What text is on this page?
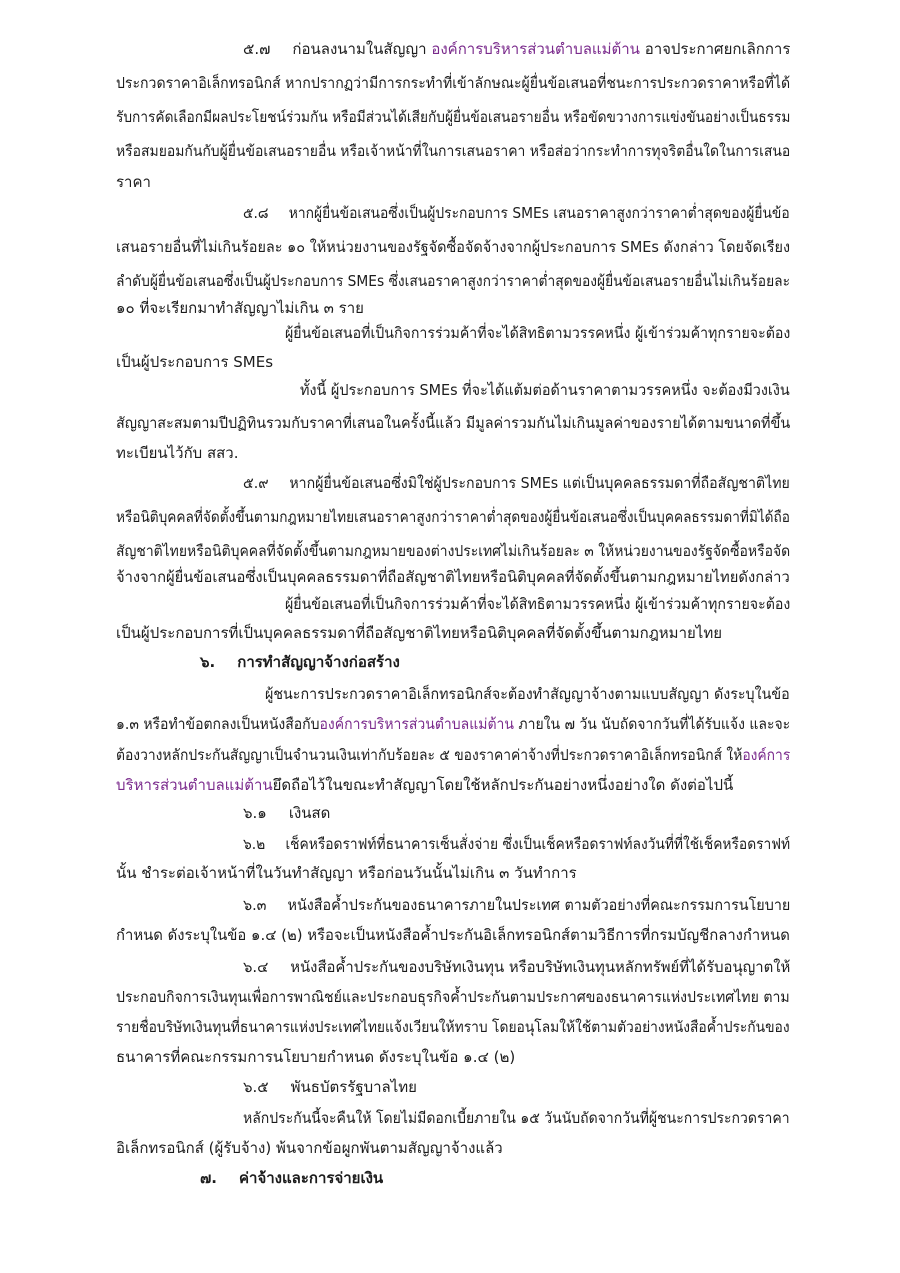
๕.๗ ก่อนลงนามในสัญญา องค์การบริหารส่วนตำบลแม่ต้าน อาจประกาศยกเลิกการ
ประกวดราคาอิเล็กทรอนิกส์ หากปรากฏว่ามีการกระทำที่เข้าลักษณะผู้ยื่นข้อเสนอที่ชนะการประกวดราคาหรือที่ได้
รับการคัดเลือกมีผลประโยชน์ร่วมกัน หรือมีส่วนได้เสียกับผู้ยื่นข้อเสนอรายอื่น หรือขัดขวางการแข่งขันอย่างเป็นธรรม
หรือสมยอมกันกับผู้ยื่นข้อเสนอรายอื่น หรือเจ้าหน้าที่ในการเสนอราคา หรือส่อว่ากระทำการทุจริตอื่นใดในการเสนอ
ราคา
๕.๘ หากผู้ยื่นข้อเสนอซึ่งเป็นผู้ประกอบการ SMEs เสนอราคาสูงกว่าราคาต่ำสุดของผู้ยื่นข้อ
เสนอรายอื่นที่ไม่เกินร้อยละ ๑๐ ให้หน่วยงานของรัฐจัดซื้อจัดจ้างจากผู้ประกอบการ SMEs ดังกล่าว โดยจัดเรียง
ลำดับผู้ยื่นข้อเสนอซึ่งเป็นผู้ประกอบการ SMEs ซึ่งเสนอราคาสูงกว่าราคาต่ำสุดของผู้ยื่นข้อเสนอรายอื่นไม่เกินร้อยละ
๑๐ ที่จะเรียกมาทำสัญญาไม่เกิน ๓ ราย
ผู้ยื่นข้อเสนอที่เป็นกิจการร่วมค้าที่จะได้สิทธิตามวรรคหนึ่ง ผู้เข้าร่วมค้าทุกรายจะต้อง
เป็นผู้ประกอบการ SMEs
ทั้งนี้ ผู้ประกอบการ SMEs ที่จะได้แต้มต่อด้านราคาตามวรรคหนึ่ง จะต้องมีวงเงิน
สัญญาสะสมตามปีปฏิทินรวมกับราคาที่เสนอในครั้งนี้แล้ว มีมูลค่ารวมกันไม่เกินมูลค่าของรายได้ตามขนาดที่ขึ้น
ทะเบียนไว้กับ สสว.
๕.๙ หากผู้ยื่นข้อเสนอซึ่งมิใช่ผู้ประกอบการ SMEs แต่เป็นบุคคลธรรมดาที่ถือสัญชาติไทย
หรือนิติบุคคลที่จัดตั้งขึ้นตามกฎหมายไทยเสนอราคาสูงกว่าราคาต่ำสุดของผู้ยื่นข้อเสนอซึ่งเป็นบุคคลธรรมดาที่มิได้ถือ
สัญชาติไทยหรือนิติบุคคลที่จัดตั้งขึ้นตามกฎหมายของต่างประเทศไม่เกินร้อยละ ๓ ให้หน่วยงานของรัฐจัดซื้อหรือจัด
จ้างจากผู้ยื่นข้อเสนอซึ่งเป็นบุคคลธรรมดาที่ถือสัญชาติไทยหรือนิติบุคคลที่จัดตั้งขึ้นตามกฎหมายไทยดังกล่าว
ผู้ยื่นข้อเสนอที่เป็นกิจการร่วมค้าที่จะได้สิทธิตามวรรคหนึ่ง ผู้เข้าร่วมค้าทุกรายจะต้อง
เป็นผู้ประกอบการที่เป็นบุคคลธรรมดาที่ถือสัญชาติไทยหรือนิติบุคคลที่จัดตั้งขึ้นตามกฎหมายไทย
๖. การทำสัญญาจ้างก่อสร้าง
ผู้ชนะการประกวดราคาอิเล็กทรอนิกส์จะต้องทำสัญญาจ้างตามแบบสัญญา ดังระบุในข้อ
๑.๓ หรือทำข้อตกลงเป็นหนังสือกับองค์การบริหารส่วนตำบลแม่ต้าน ภายใน ๗ วัน นับถัดจากวันที่ได้รับแจ้ง และจะ
ต้องวางหลักประกันสัญญาเป็นจำนวนเงินเท่ากับร้อยละ ๕ ของราคาค่าจ้างที่ประกวดราคาอิเล็กทรอนิกส์ ให้องค์การ
บริหารส่วนตำบลแม่ต้านยึดถือไว้ในขณะทำสัญญาโดยใช้หลักประกันอย่างหนึ่งอย่างใด ดังต่อไปนี้
๖.๑ เงินสด
๖.๒ เช็คหรือดราฟท์ที่ธนาคารเซ็นสั่งจ่าย ซึ่งเป็นเช็คหรือดราฟท์ลงวันที่ที่ใช้เช็คหรือดราฟท์
นั้น ชำระต่อเจ้าหน้าที่ในวันทำสัญญา หรือก่อนวันนั้นไม่เกิน ๓ วันทำการ
๖.๓ หนังสือค้ำประกันของธนาคารภายในประเทศ ตามตัวอย่างที่คณะกรรมการนโยบาย
กำหนด ดังระบุในข้อ ๑.๔ (๒) หรือจะเป็นหนังสือค้ำประกันอิเล็กทรอนิกส์ตามวิธีการที่กรมบัญชีกลางกำหนด
๖.๔ หนังสือค้ำประกันของบริษัทเงินทุน หรือบริษัทเงินทุนหลักทรัพย์ที่ได้รับอนุญาตให้
ประกอบกิจการเงินทุนเพื่อการพาณิชย์และประกอบธุรกิจค้ำประกันตามประกาศของธนาคารแห่งประเทศไทย ตาม
รายชื่อบริษัทเงินทุนที่ธนาคารแห่งประเทศไทยแจ้งเวียนให้ทราบ โดยอนุโลมให้ใช้ตามตัวอย่างหนังสือค้ำประกันของ
ธนาคารที่คณะกรรมการนโยบายกำหนด ดังระบุในข้อ ๑.๔ (๒)
๖.๕ พันธบัตรรัฐบาลไทย
หลักประกันนี้จะคืนให้ โดยไม่มีดอกเบี้ยภายใน ๑๕ วันนับถัดจากวันที่ผู้ชนะการประกวดราคา
อิเล็กทรอนิกส์ (ผู้รับจ้าง) พ้นจากข้อผูกพันตามสัญญาจ้างแล้ว
๗. ค่าจ้างและการจ่ายเงิน
